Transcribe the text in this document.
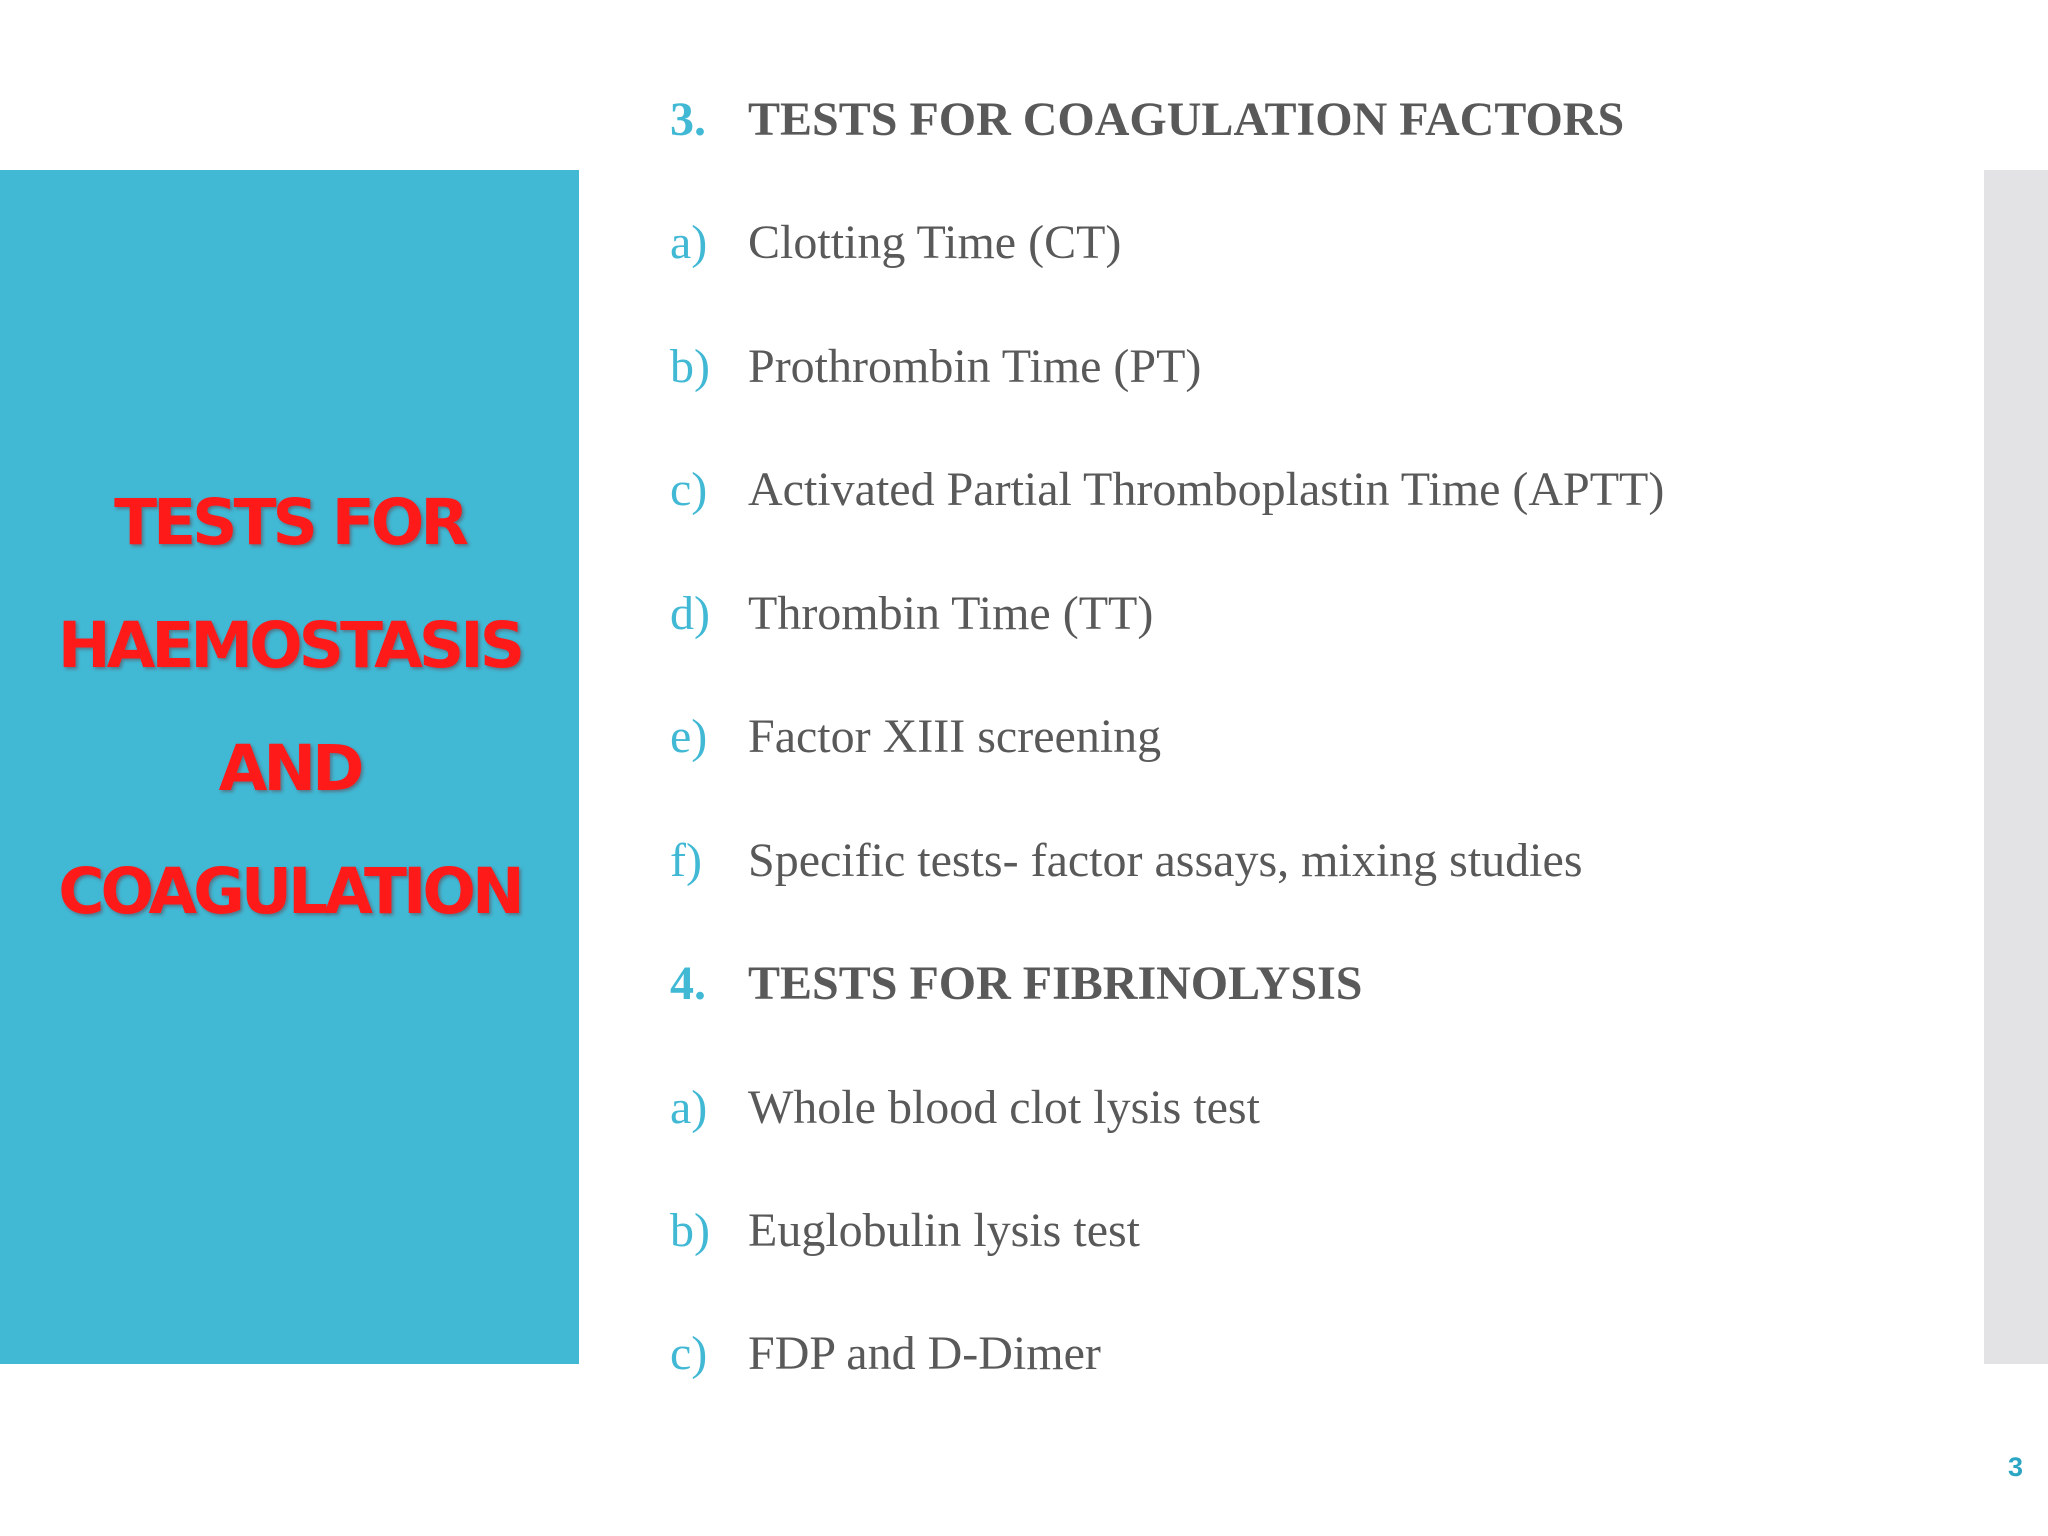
TESTS FOR
HAEMOSTASIS
AND
COAGULATION
3. TESTS FOR COAGULATION FACTORS
a) Clotting Time (CT)
b) Prothrombin Time (PT)
c) Activated Partial Thromboplastin Time (APTT)
d) Thrombin Time (TT)
e) Factor XIII screening
f) Specific tests- factor assays, mixing studies
4. TESTS FOR FIBRINOLYSIS
a) Whole blood clot lysis test
b) Euglobulin lysis test
c) FDP and D-Dimer
3
